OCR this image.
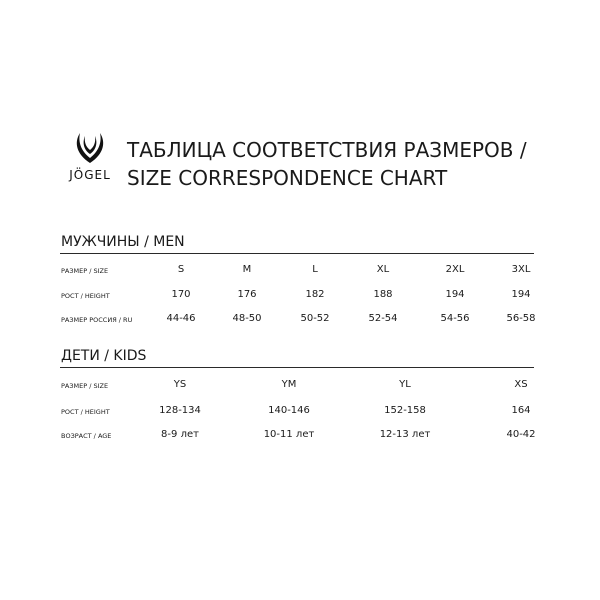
JÖGEL
ТАБЛИЦА СООТВЕТСТВИЯ РАЗМЕРОВ /
SIZE CORRESPONDENCE CHART
МУЖЧИНЫ / MEN
РАЗМЕР / SIZE	S	M	L	XL	2XL	3XL
РОСТ / HEIGHT	170	176	182	188	194	194
РАЗМЕР РОССИЯ / RU	44-46	48-50	50-52	52-54	54-56	56-58
ДЕТИ / KIDS
РАЗМЕР / SIZE	YS	YM	YL	XS
РОСТ / HEIGHT	128-134	140-146	152-158	164
ВОЗРАСТ / AGE	8-9 лет	10-11 лет	12-13 лет	40-42
